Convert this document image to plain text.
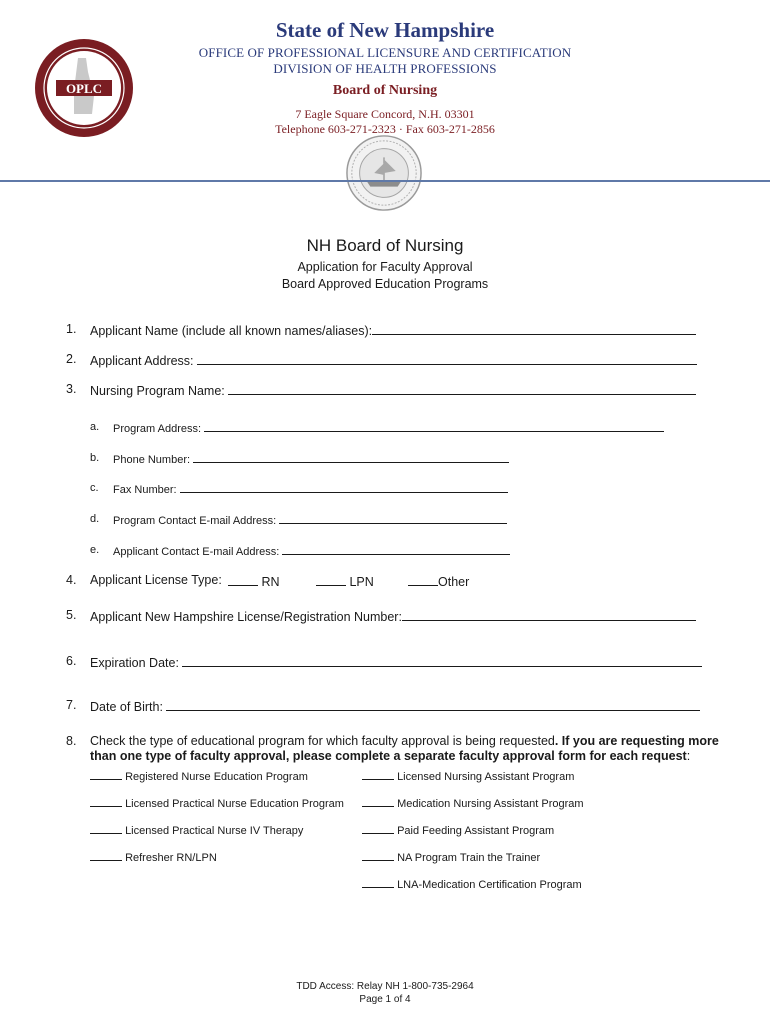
OPLC
State of New Hampshire
OFFICE OF PROFESSIONAL LICENSURE AND CERTIFICATION
DIVISION OF HEALTH PROFESSIONS
Board of Nursing
7 Eagle Square Concord, N.H. 03301
Telephone 603-271-2323 · Fax 603-271-2856
NH Board of Nursing
Application for Faculty Approval
Board Approved Education Programs
1. Applicant Name (include all known names/aliases):
2. Applicant Address:
3. Nursing Program Name:
a. Program Address:
b. Phone Number:
c. Fax Number:
d. Program Contact E-mail Address:
e. Applicant Contact E-mail Address:
4. Applicant License Type:	RN	LPN	Other
5. Applicant New Hampshire License/Registration Number:
6. Expiration Date:
7. Date of Birth:
8. Check the type of educational program for which faculty approval is being requested. If you are requesting more than one type of faculty approval, please complete a separate faculty approval form for each request:
Registered Nurse Education Program	Licensed Nursing Assistant Program
Licensed Practical Nurse Education Program	Medication Nursing Assistant Program
Licensed Practical Nurse IV Therapy	Paid Feeding Assistant Program
Refresher RN/LPN	NA Program Train the Trainer
LNA-Medication Certification Program
TDD Access: Relay NH 1-800-735-2964
Page 1 of 4
